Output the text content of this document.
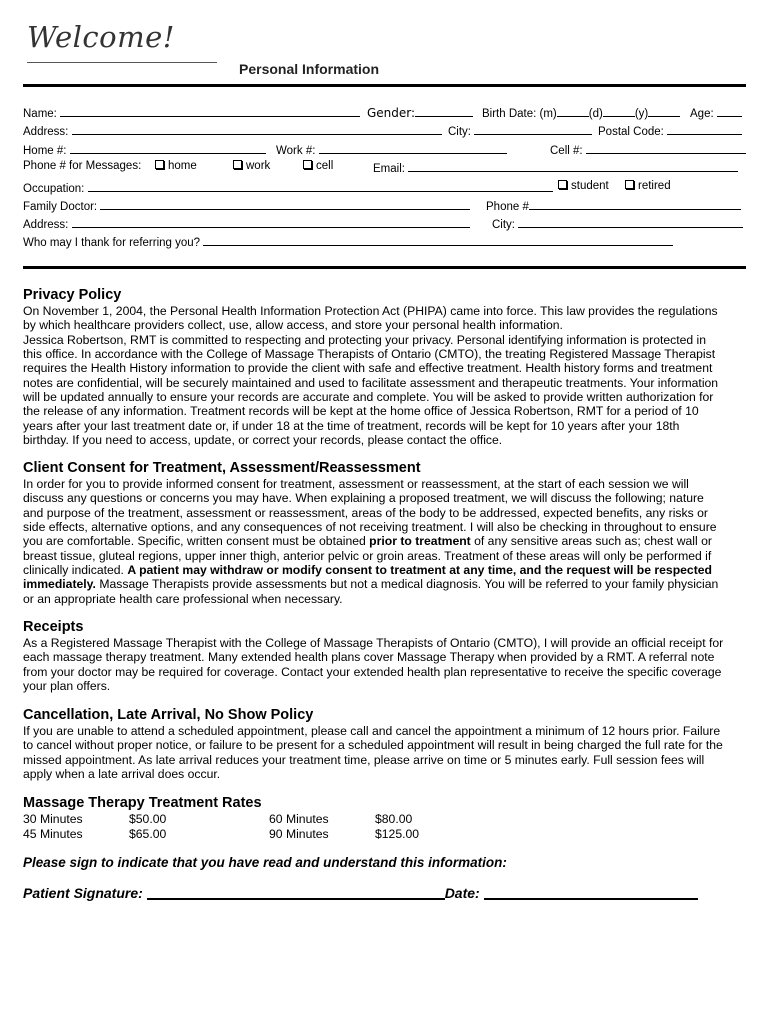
Welcome!
Personal Information
Name:	Gender:	Birth Date: (m)	(d)	(y)	Age:
Address:	City:	Postal Code:
Home #:	Work #:	Cell #:
Phone # for Messages:	home	work	cell	Email:
Occupation:	student	retired
Family Doctor:	Phone #
Address:	City:
Who may I thank for referring you?
Privacy Policy
On November 1, 2004, the Personal Health Information Protection Act (PHIPA) came into force. This law provides the regulations
by which healthcare providers collect, use, allow access, and store your personal health information.
Jessica Robertson, RMT is committed to respecting and protecting your privacy. Personal identifying information is protected in
this office. In accordance with the College of Massage Therapists of Ontario (CMTO), the treating Registered Massage Therapist
requires the Health History information to provide the client with safe and effective treatment. Health history forms and treatment
notes are confidential, will be securely maintained and used to facilitate assessment and therapeutic treatments. Your information
will be updated annually to ensure your records are accurate and complete. You will be asked to provide written authorization for
the release of any information. Treatment records will be kept at the home office of Jessica Robertson, RMT for a period of 10
years after your last treatment date or, if under 18 at the time of treatment, records will be kept for 10 years after your 18th
birthday. If you need to access, update, or correct your records, please contact the office.
Client Consent for Treatment, Assessment/Reassessment
In order for you to provide informed consent for treatment, assessment or reassessment, at the start of each session we will
discuss any questions or concerns you may have. When explaining a proposed treatment, we will discuss the following; nature
and purpose of the treatment, assessment or reassessment, areas of the body to be addressed, expected benefits, any risks or
side effects, alternative options, and any consequences of not receiving treatment. I will also be checking in throughout to ensure
you are comfortable. Specific, written consent must be obtained prior to treatment of any sensitive areas such as; chest wall or
breast tissue, gluteal regions, upper inner thigh, anterior pelvic or groin areas. Treatment of these areas will only be performed if
clinically indicated. A patient may withdraw or modify consent to treatment at any time, and the request will be respected
immediately. Massage Therapists provide assessments but not a medical diagnosis. You will be referred to your family physician
or an appropriate health care professional when necessary.
Receipts
As a Registered Massage Therapist with the College of Massage Therapists of Ontario (CMTO), I will provide an official receipt for
each massage therapy treatment. Many extended health plans cover Massage Therapy when provided by a RMT. A referral note
from your doctor may be required for coverage. Contact your extended health plan representative to receive the specific coverage
your plan offers.
Cancellation, Late Arrival, No Show Policy
If you are unable to attend a scheduled appointment, please call and cancel the appointment a minimum of 12 hours prior. Failure
to cancel without proper notice, or failure to be present for a scheduled appointment will result in being charged the full rate for the
missed appointment. As late arrival reduces your treatment time, please arrive on time or 5 minutes early. Full session fees will
apply when a late arrival does occur.
Massage Therapy Treatment Rates
30 Minutes	$50.00
45 Minutes	$65.00
60 Minutes	$80.00
90 Minutes	$125.00
Please sign to indicate that you have read and understand this information:
Patient Signature:	Date:
